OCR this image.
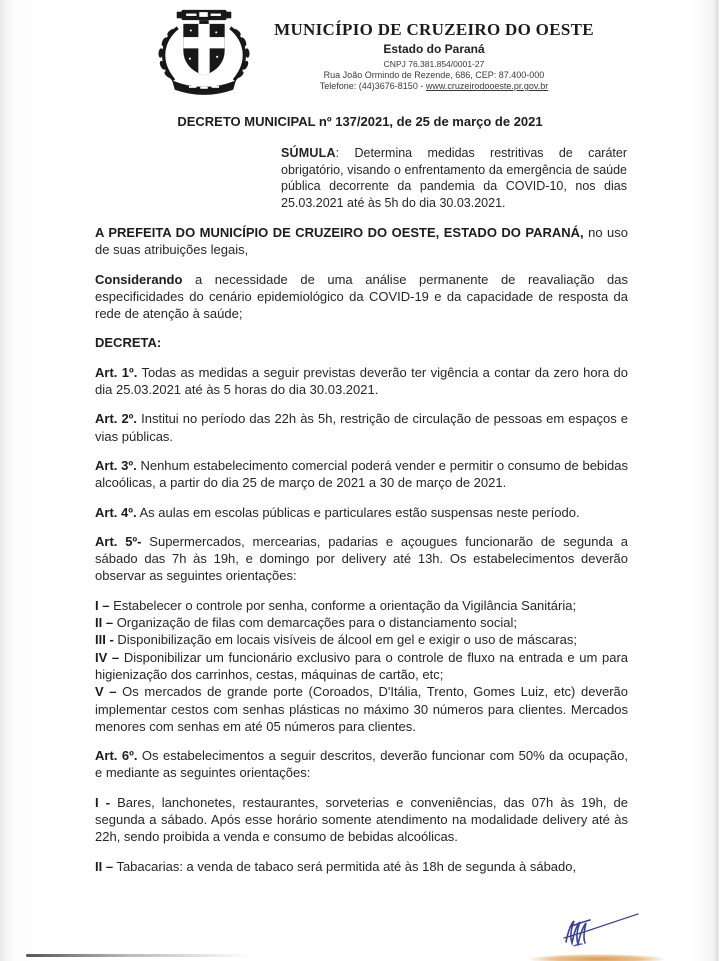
MUNICÍPIO DE CRUZEIRO DO OESTE
Estado do Paraná
CNPJ 76.381.854/0001-27
Rua João Ormindo de Rezende, 686, CEP: 87.400-000
Telefone: (44)3676-8150 - www.cruzeirodooeste.pr.gov.br
DECRETO MUNICIPAL nº 137/2021, de 25 de março de 2021
SÚMULA: Determina medidas restritivas de caráter obrigatório, visando o enfrentamento da emergência de saúde pública decorrente da pandemia da COVID-10, nos dias 25.03.2021 até às 5h do dia 30.03.2021.
A PREFEITA DO MUNICÍPIO DE CRUZEIRO DO OESTE, ESTADO DO PARANÁ, no uso de suas atribuições legais,
Considerando a necessidade de uma análise permanente de reavaliação das especificidades do cenário epidemiológico da COVID-19 e da capacidade de resposta da rede de atenção à saúde;
DECRETA:
Art. 1º. Todas as medidas a seguir previstas deverão ter vigência a contar da zero hora do dia 25.03.2021 até às 5 horas do dia 30.03.2021.
Art. 2º. Institui no período das 22h às 5h, restrição de circulação de pessoas em espaços e vias públicas.
Art. 3º. Nenhum estabelecimento comercial poderá vender e permitir o consumo de bebidas alcoólicas, a partir do dia 25 de março de 2021 a 30 de março de 2021.
Art. 4º. As aulas em escolas públicas e particulares estão suspensas neste período.
Art. 5º- Supermercados, mercearias, padarias e açougues funcionarão de segunda a sábado das 7h às 19h, e domingo por delivery até 13h. Os estabelecimentos deverão observar as seguintes orientações:
I – Estabelecer o controle por senha, conforme a orientação da Vigilância Sanitária;
II – Organização de filas com demarcações para o distanciamento social;
III - Disponibilização em locais visíveis de álcool em gel e exigir o uso de máscaras;
IV – Disponibilizar um funcionário exclusivo para o controle de fluxo na entrada e um para higienização dos carrinhos, cestas, máquinas de cartão, etc;
V – Os mercados de grande porte (Coroados, D'Itália, Trento, Gomes Luiz, etc) deverão implementar cestos com senhas plásticas no máximo 30 números para clientes. Mercados menores com senhas em até 05 números para clientes.
Art. 6º. Os estabelecimentos a seguir descritos, deverão funcionar com 50% da ocupação, e mediante as seguintes orientações:
I - Bares, lanchonetes, restaurantes, sorveterias e conveniências, das 07h às 19h, de segunda a sábado. Após esse horário somente atendimento na modalidade delivery até às 22h, sendo proibida a venda e consumo de bebidas alcoólicas.
II – Tabacarias: a venda de tabaco será permitida até às 18h de segunda à sábado,
